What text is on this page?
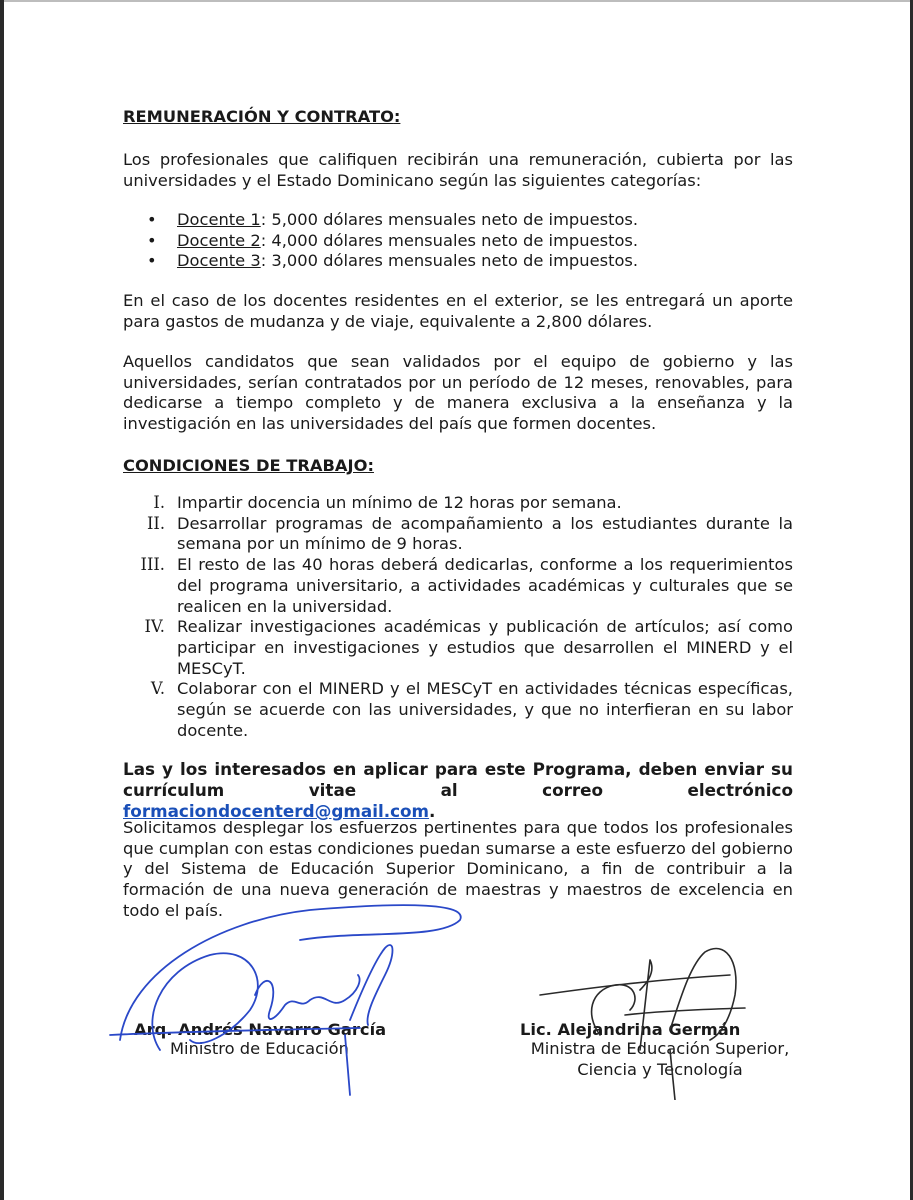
REMUNERACIÓN Y CONTRATO:
Los profesionales que califiquen recibirán una remuneración, cubierta por las universidades y el Estado Dominicano según las siguientes categorías:
• Docente 1: 5,000 dólares mensuales neto de impuestos.
• Docente 2: 4,000 dólares mensuales neto de impuestos.
• Docente 3: 3,000 dólares mensuales neto de impuestos.
En el caso de los docentes residentes en el exterior, se les entregará un aporte para gastos de mudanza y de viaje, equivalente a 2,800 dólares.
Aquellos candidatos que sean validados por el equipo de gobierno y las universidades, serían contratados por un período de 12 meses, renovables, para dedicarse a tiempo completo y de manera exclusiva a la enseñanza y la investigación en las universidades del país que formen docentes.
CONDICIONES DE TRABAJO:
I. Impartir docencia un mínimo de 12 horas por semana.
II. Desarrollar programas de acompañamiento a los estudiantes durante la semana por un mínimo de 9 horas.
III. El resto de las 40 horas deberá dedicarlas, conforme a los requerimientos del programa universitario, a actividades académicas y culturales que se realicen en la universidad.
IV. Realizar investigaciones académicas y publicación de artículos; así como participar en investigaciones y estudios que desarrollen el MINERD y el MESCyT.
V. Colaborar con el MINERD y el MESCyT en actividades técnicas específicas, según se acuerde con las universidades, y que no interfieran en su labor docente.
Las y los interesados en aplicar para este Programa, deben enviar su currículum vitae al correo electrónico formaciondocenterd@gmail.com.
Solicitamos desplegar los esfuerzos pertinentes para que todos los profesionales que cumplan con estas condiciones puedan sumarse a este esfuerzo del gobierno y del Sistema de Educación Superior Dominicano, a fin de contribuir a la formación de una nueva generación de maestras y maestros de excelencia en todo el país.
Arq. Andrés Navarro García
Ministro de Educación
Lic. Alejandrina Germán
Ministra de Educación Superior,
Ciencia y Tecnología
